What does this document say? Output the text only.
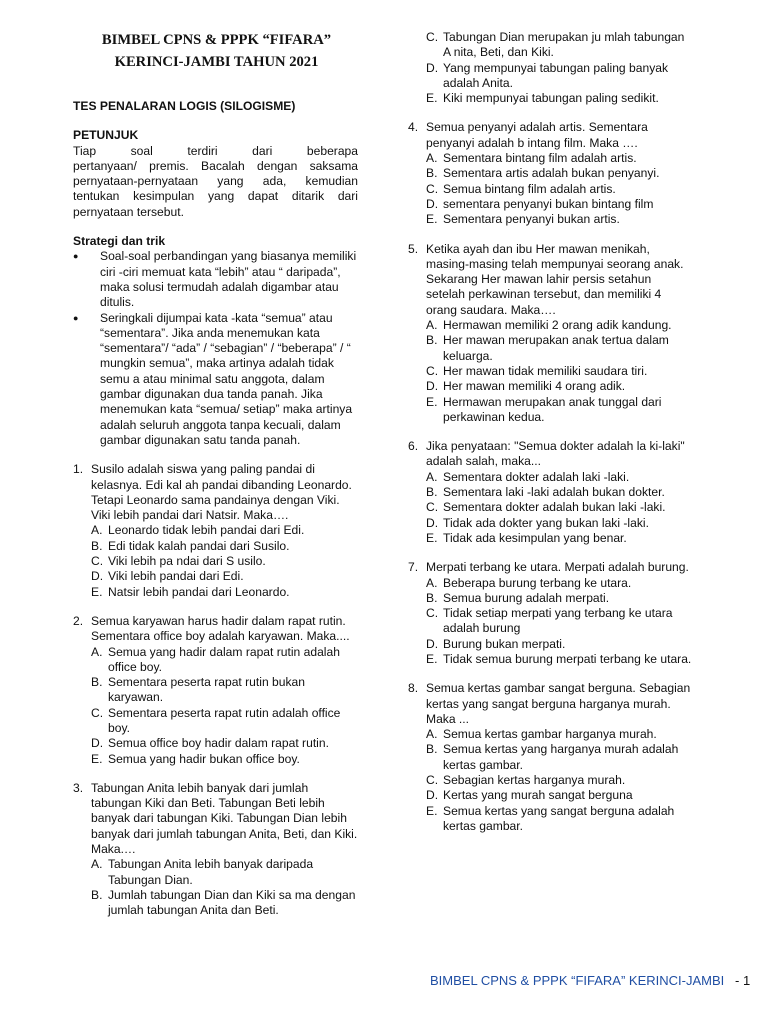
BIMBEL CPNS & PPPK “FIFARA”
KERINCI-JAMBI TAHUN 2021
TES PENALARAN LOGIS (SILOGISME)
PETUNJUK
Tiap soal terdiri dari beberapa
pertanyaan/ premis. Bacalah dengan saksama pernyataan-pernyataan yang ada, kemudian tentukan kesimpulan yang dapat ditarik dari pernyataan tersebut.
Strategi dan trik
● Soal-soal perbandingan yang biasanya memiliki ciri -ciri memuat kata “lebih” atau “ daripada”, maka solusi termudah adalah digambar atau ditulis.
● Seringkali dijumpai kata -kata “semua” atau “sementara”. Jika anda menemukan kata “sementara”/ “ada” / “sebagian” / “beberapa” / “ mungkin semua”, maka artinya adalah tidak semu a atau minimal satu anggota, dalam gambar digunakan dua tanda panah. Jika menemukan kata “semua/ setiap” maka artinya adalah seluruh anggota tanpa kecuali, dalam gambar digunakan satu tanda panah.
1. Susilo adalah siswa yang paling pandai di kelasnya. Edi kal ah pandai dibanding Leonardo. Tetapi Leonardo sama pandainya dengan Viki. Viki lebih pandai dari Natsir. Maka….
A. Leonardo tidak lebih pandai dari Edi.
B. Edi tidak kalah pandai dari Susilo.
C. Viki lebih pa ndai dari S usilo.
D. Viki lebih pandai dari Edi.
E. Natsir lebih pandai dari Leonardo.
2. Semua karyawan harus hadir dalam rapat rutin. Sementara office boy adalah karyawan. Maka....
A. Semua yang hadir dalam rapat rutin adalah office boy.
B. Sementara peserta rapat rutin bukan karyawan.
C. Sementara peserta rapat rutin adalah office boy.
D. Semua office boy hadir dalam rapat rutin.
E. Semua yang hadir bukan office boy.
3. Tabungan Anita lebih banyak dari jumlah tabungan Kiki dan Beti. Tabungan Beti lebih banyak dari tabungan Kiki. Tabungan Dian lebih banyak dari jumlah tabungan Anita, Beti, dan Kiki. Maka.…
A. Tabungan Anita lebih banyak daripada Tabungan Dian.
B. Jumlah tabungan Dian dan Kiki sa ma dengan jumlah tabungan Anita dan Beti.
C. Tabungan Dian merupakan ju mlah tabungan A nita, Beti, dan Kiki.
D. Yang mempunyai tabungan paling banyak adalah Anita.
E. Kiki mempunyai tabungan paling sedikit.
4. Semua penyanyi adalah artis. Sementara penyanyi adalah b intang film. Maka ….
A. Sementara bintang film adalah artis.
B. Sementara artis adalah bukan penyanyi.
C. Semua bintang film adalah artis.
D. sementara penyanyi bukan bintang film
E. Sementara penyanyi bukan artis.
5. Ketika ayah dan ibu Her mawan menikah, masing-masing telah mempunyai seorang anak. Sekarang Her mawan lahir persis setahun setelah perkawinan tersebut, dan memiliki 4 orang saudara. Maka….
A. Hermawan memiliki 2 orang adik kandung.
B. Her mawan merupakan anak tertua dalam keluarga.
C. Her mawan tidak memiliki saudara tiri.
D. Her mawan memiliki 4 orang adik.
E. Hermawan merupakan anak tunggal dari perkawinan kedua.
6. Jika penyataan: "Semua dokter adalah la ki-laki" adalah salah, maka...
A. Sementara dokter adalah laki -laki.
B. Sementara laki -laki adalah bukan dokter.
C. Sementara dokter adalah bukan laki -laki.
D. Tidak ada dokter yang bukan laki -laki.
E. Tidak ada kesimpulan yang benar.
7. Merpati terbang ke utara. Merpati adalah burung.
A. Beberapa burung terbang ke utara.
B. Semua burung adalah merpati.
C. Tidak setiap merpati yang terbang ke utara adalah burung
D. Burung bukan merpati.
E. Tidak semua burung merpati terbang ke utara.
8. Semua kertas gambar sangat berguna. Sebagian kertas yang sangat berguna harganya murah. Maka ...
A. Semua kertas gambar harganya murah.
B. Semua kertas yang harganya murah adalah kertas gambar.
C. Sebagian kertas harganya murah.
D. Kertas yang murah sangat berguna
E. Semua kertas yang sangat berguna adalah kertas gambar.
BIMBEL CPNS & PPPK “FIFARA” KERINCI-JAMBI - 1
